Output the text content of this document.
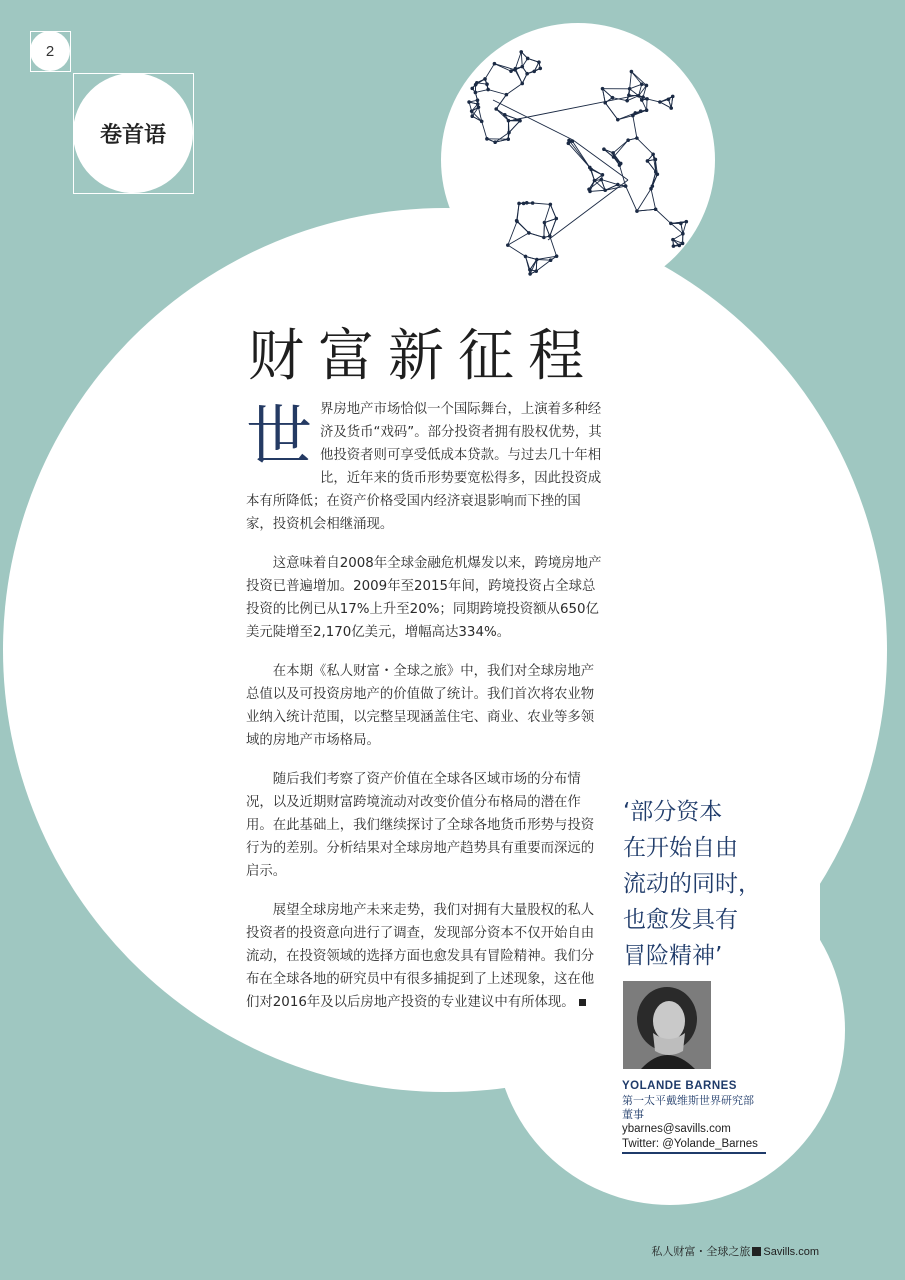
2
卷首语
财富新征程

世界房地产市场恰似一个国际舞台，上演着多种经济及货币“戏码”。部分投资者拥有股权优势，其他投资者则可享受低成本贷款。与过去几十年相比，近年来的货币形势要宽松得多，因此投资成本有所降低；在资产价格受国内经济衰退影响而下挫的国家，投资机会相继涌现。

这意味着自2008年全球金融危机爆发以来，跨境房地产投资已普遍增加。2009年至2015年间，跨境投资占全球总投资的比例已从17%上升至20%；同期跨境投资额从650亿美元陡增至2,170亿美元，增幅高达334%。

在本期《私人财富・全球之旅》中，我们对全球房地产总值以及可投资房地产的价值做了统计。我们首次将农业物业纳入统计范围，以完整呈现涵盖住宅、商业、农业等多领域的房地产市场格局。

随后我们考察了资产价值在全球各区域市场的分布情况，以及近期财富跨境流动对改变价值分布格局的潜在作用。在此基础上，我们继续探讨了全球各地货币形势与投资行为的差别。分析结果对全球房地产趋势具有重要而深远的启示。

展望全球房地产未来走势，我们对拥有大量股权的私人投资者的投资意向进行了调查，发现部分资本不仅开始自由流动，在投资领域的选择方面也愈发具有冒险精神。我们分布在全球各地的研究员中有很多捕捉到了上述现象，这在他们对2016年及以后房地产投资的专业建议中有所体现。

‘部分资本
在开始自由
流动的同时，
也愈发具有
冒险精神’
YOLANDE BARNES
第一太平戴维斯世界研究部
董事
ybarnes@savills.com
Twitter: @Yolande_Barnes
私人财富・全球之旅 Savills.com
